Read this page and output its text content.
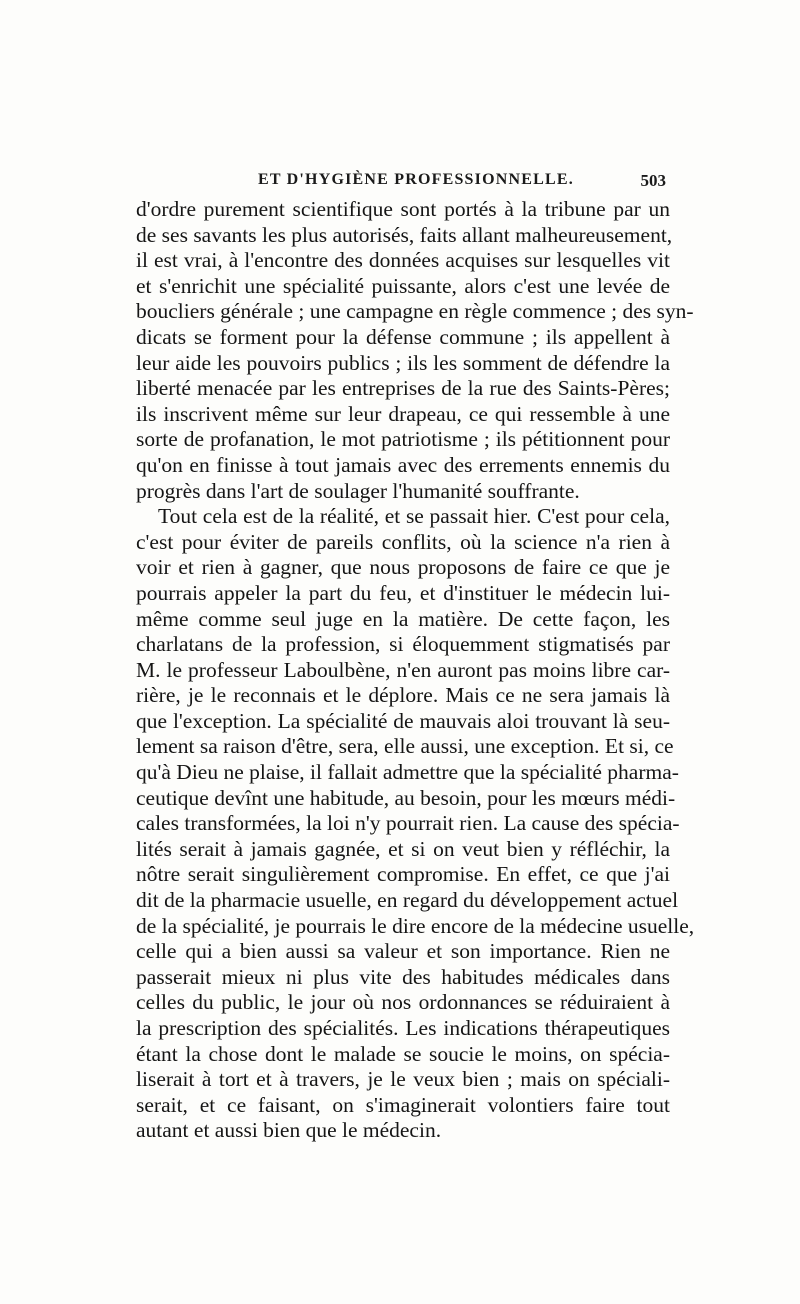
ET D'HYGIÈNE PROFESSIONNELLE.	503
d'ordre purement scientifique sont portés à la tribune par un
de ses savants les plus autorisés, faits allant malheureusement,
il est vrai, à l'encontre des données acquises sur lesquelles vit
et s'enrichit une spécialité puissante, alors c'est une levée de
boucliers générale ; une campagne en règle commence ; des syn-
dicats se forment pour la défense commune ; ils appellent à
leur aide les pouvoirs publics ; ils les somment de défendre la
liberté menacée par les entreprises de la rue des Saints-Pères;
ils inscrivent même sur leur drapeau, ce qui ressemble à une
sorte de profanation, le mot patriotisme ; ils pétitionnent pour
qu'on en finisse à tout jamais avec des errements ennemis du
progrès dans l'art de soulager l'humanité souffrante.
Tout cela est de la réalité, et se passait hier. C'est pour cela,
c'est pour éviter de pareils conflits, où la science n'a rien à
voir et rien à gagner, que nous proposons de faire ce que je
pourrais appeler la part du feu, et d'instituer le médecin lui-
même comme seul juge en la matière. De cette façon, les
charlatans de la profession, si éloquemment stigmatisés par
M. le professeur Laboulbène, n'en auront pas moins libre car-
rière, je le reconnais et le déplore. Mais ce ne sera jamais là
que l'exception. La spécialité de mauvais aloi trouvant là seu-
lement sa raison d'être, sera, elle aussi, une exception. Et si, ce
qu'à Dieu ne plaise, il fallait admettre que la spécialité pharma-
ceutique devînt une habitude, au besoin, pour les mœurs médi-
cales transformées, la loi n'y pourrait rien. La cause des spécia-
lités serait à jamais gagnée, et si on veut bien y réfléchir, la
nôtre serait singulièrement compromise. En effet, ce que j'ai
dit de la pharmacie usuelle, en regard du développement actuel
de la spécialité, je pourrais le dire encore de la médecine usuelle,
celle qui a bien aussi sa valeur et son importance. Rien ne
passerait mieux ni plus vite des habitudes médicales dans
celles du public, le jour où nos ordonnances se réduiraient à
la prescription des spécialités. Les indications thérapeutiques
étant la chose dont le malade se soucie le moins, on spécia-
liserait à tort et à travers, je le veux bien ; mais on spéciali-
serait, et ce faisant, on s'imaginerait volontiers faire tout
autant et aussi bien que le médecin.
